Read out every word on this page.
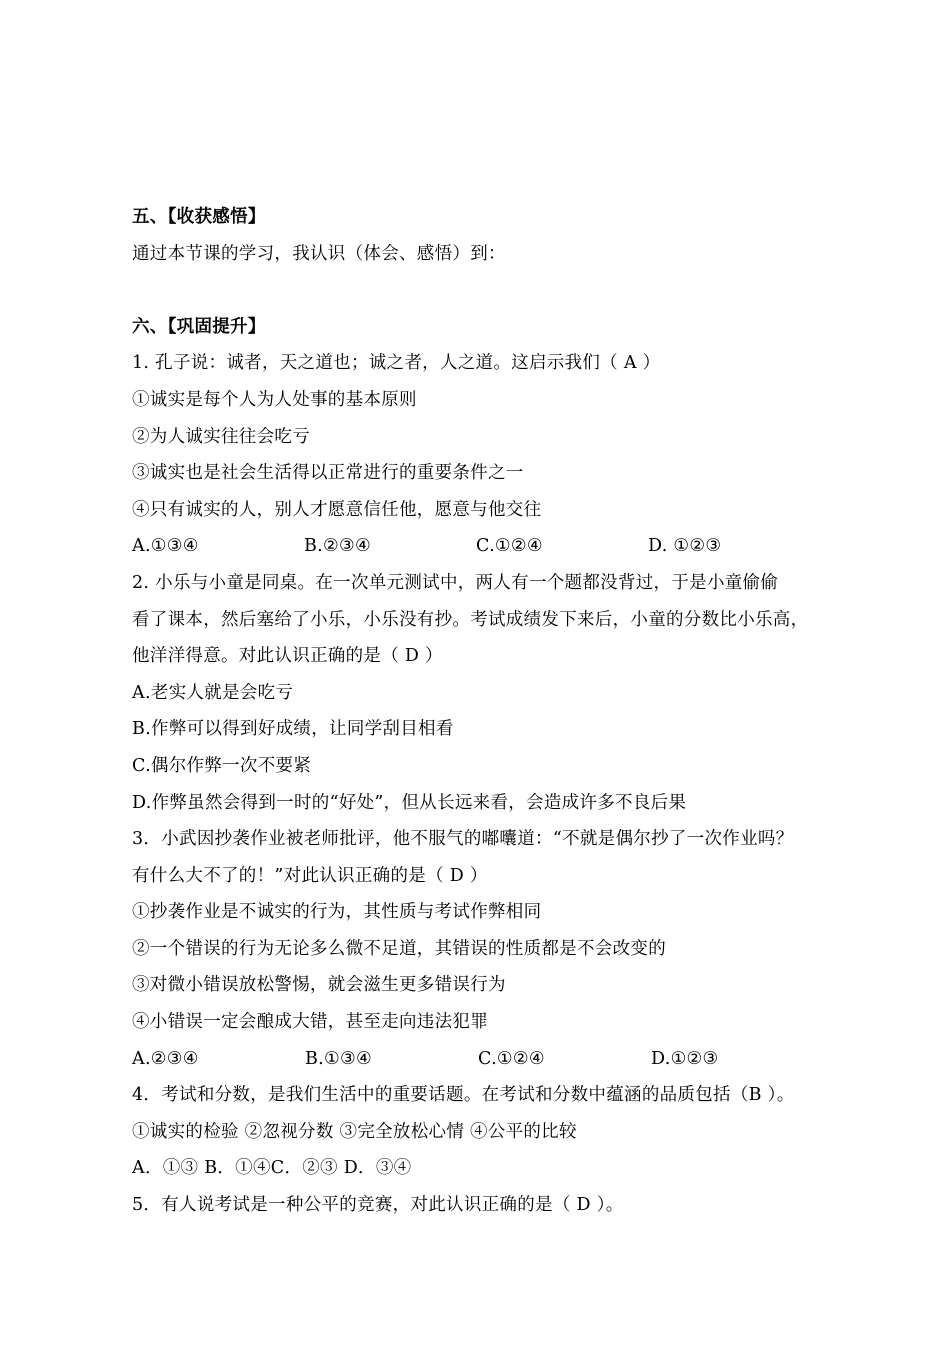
五、【收获感悟】
通过本节课的学习，我认识（体会、感悟）到：
六、【巩固提升】
1. 孔子说：诚者，天之道也；诚之者，人之道。这启示我们（ A ）
①诚实是每个人为人处事的基本原则
②为人诚实往往会吃亏
③诚实也是社会生活得以正常进行的重要条件之一
④只有诚实的人，别人才愿意信任他，愿意与他交往
A.①③④	B.②③④	C.①②④	D. ①②③
2. 小乐与小童是同桌。在一次单元测试中，两人有一个题都没背过，于是小童偷偷
看了课本，然后塞给了小乐，小乐没有抄。考试成绩发下来后，小童的分数比小乐高，
他洋洋得意。对此认识正确的是（ D ）
A.老实人就是会吃亏
B.作弊可以得到好成绩，让同学刮目相看
C.偶尔作弊一次不要紧
D.作弊虽然会得到一时的“好处”，但从长远来看，会造成许多不良后果
3．小武因抄袭作业被老师批评，他不服气的嘟囔道：“不就是偶尔抄了一次作业吗？
有什么大不了的！”对此认识正确的是（ D ）
①抄袭作业是不诚实的行为，其性质与考试作弊相同
②一个错误的行为无论多么微不足道，其错误的性质都是不会改变的
③对微小错误放松警惕，就会滋生更多错误行为
④小错误一定会酿成大错，甚至走向违法犯罪
A.②③④	B.①③④	C.①②④	D.①②③
4．考试和分数，是我们生活中的重要话题。在考试和分数中蕴涵的品质包括（B ）。
①诚实的检验 ②忽视分数 ③完全放松心情 ④公平的比较
A．①③ B．①④C．②③ D．③④
5．有人说考试是一种公平的竞赛，对此认识正确的是（ D ）。
